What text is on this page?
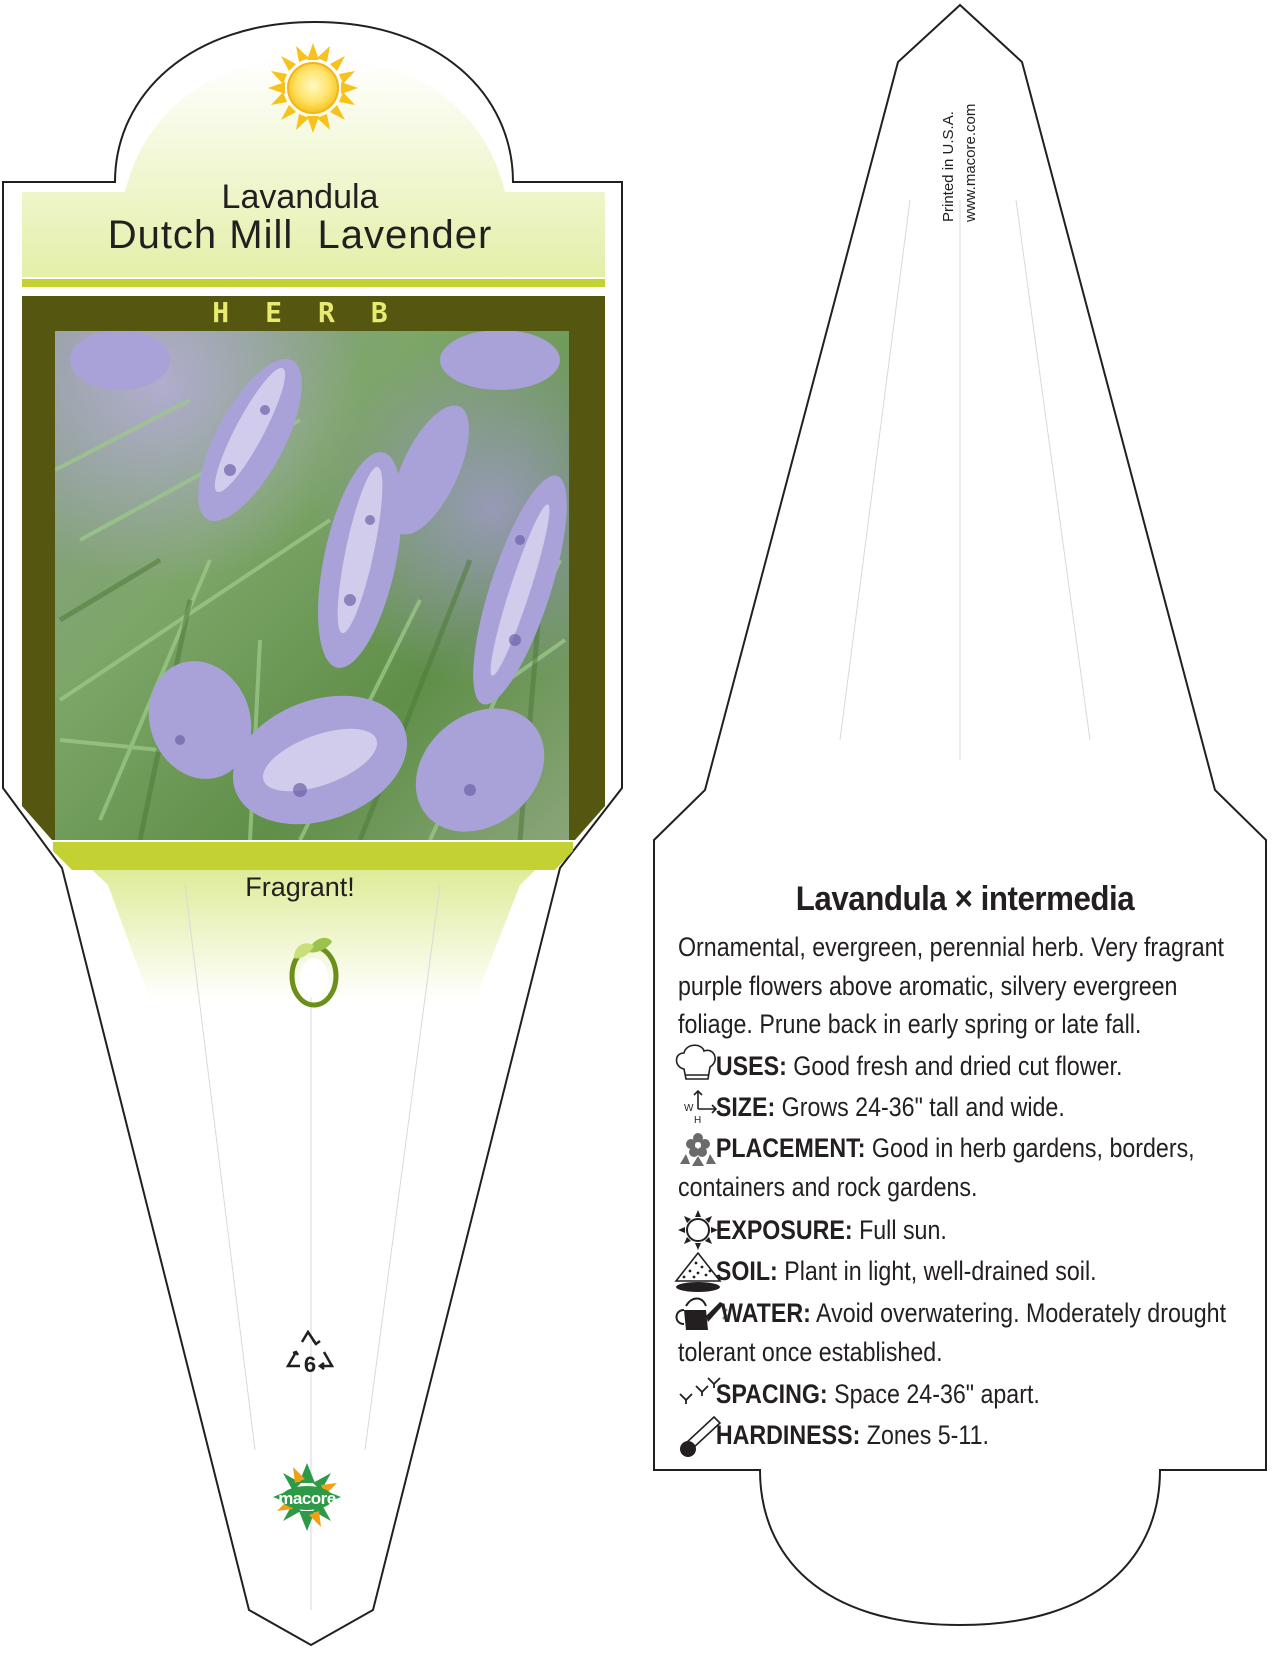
W
H
Lavandula
Dutch Mill  Lavender
HERB
Fragrant!
6
macore
Printed in U.S.A. www.macore.com
Lavandula × intermedia
Ornamental, evergreen, perennial herb. Very fragrant purple flowers above aromatic, silvery evergreen foliage. Prune back in early spring or late fall.
USES: Good fresh and dried cut flower.
SIZE: Grows 24-36" tall and wide.
PLACEMENT: Good in herb gardens, borders, containers and rock gardens.
EXPOSURE: Full sun.
SOIL: Plant in light, well-drained soil.
WATER: Avoid overwatering. Moderately drought tolerant once established.
SPACING: Space 24-36" apart.
HARDINESS: Zones 5-11.
